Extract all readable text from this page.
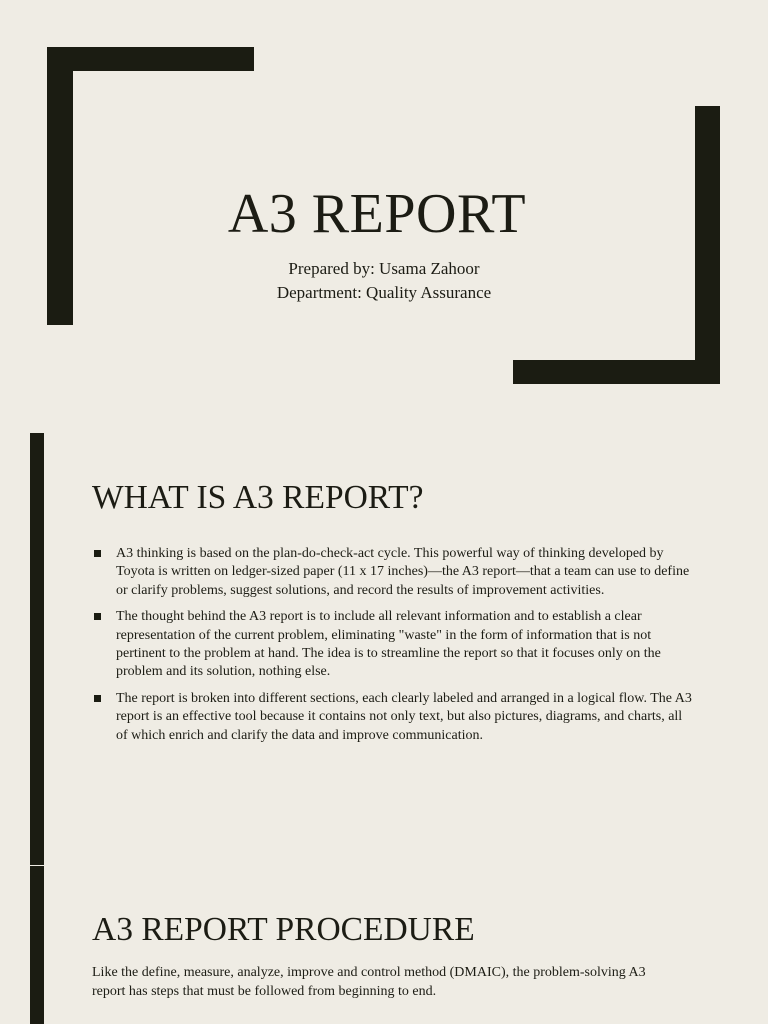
A3 REPORT
Prepared by: Usama Zahoor
Department: Quality Assurance
WHAT IS A3 REPORT?
A3 thinking is based on the plan-do-check-act cycle. This powerful way of thinking developed by Toyota is written on ledger-sized paper (11 x 17 inches)—the A3 report—that a team can use to define or clarify problems, suggest solutions, and record the results of improvement activities.
The thought behind the A3 report is to include all relevant information and to establish a clear representation of the current problem, eliminating "waste" in the form of information that is not pertinent to the problem at hand. The idea is to streamline the report so that it focuses only on the problem and its solution, nothing else.
The report is broken into different sections, each clearly labeled and arranged in a logical flow. The A3 report is an effective tool because it contains not only text, but also pictures, diagrams, and charts, all of which enrich and clarify the data and improve communication.
A3 REPORT PROCEDURE

Like the define, measure, analyze, improve and control method (DMAIC), the problem-solving A3 report has steps that must be followed from beginning to end.
